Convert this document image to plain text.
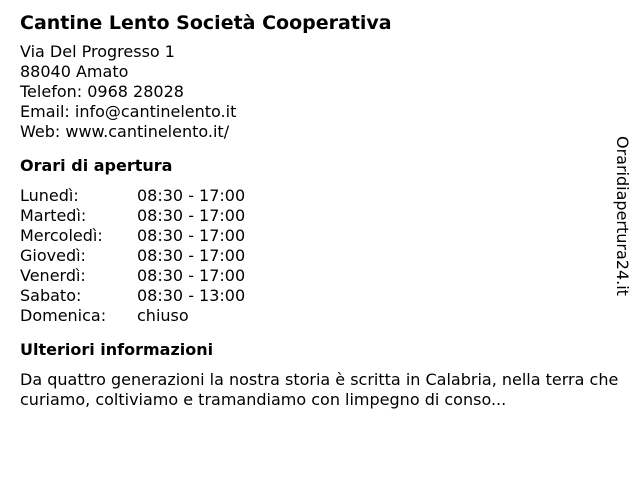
Cantine Lento Società Cooperativa
Via Del Progresso 1
88040 Amato
Telefon: 0968 28028
Email: info@cantinelento.it
Web: www.cantinelento.it/
Orari di apertura
Lunedì:	08:30 - 17:00
Martedì:	08:30 - 17:00
Mercoledì:	08:30 - 17:00
Giovedì:	08:30 - 17:00
Venerdì:	08:30 - 17:00
Sabato:	08:30 - 13:00
Domenica:	chiuso
Ulteriori informazioni
Da quattro generazioni la nostra storia è scritta in Calabria, nella terra che curiamo, coltiviamo e tramandiamo con limpegno di conso...
Oraridiapertura24.it
